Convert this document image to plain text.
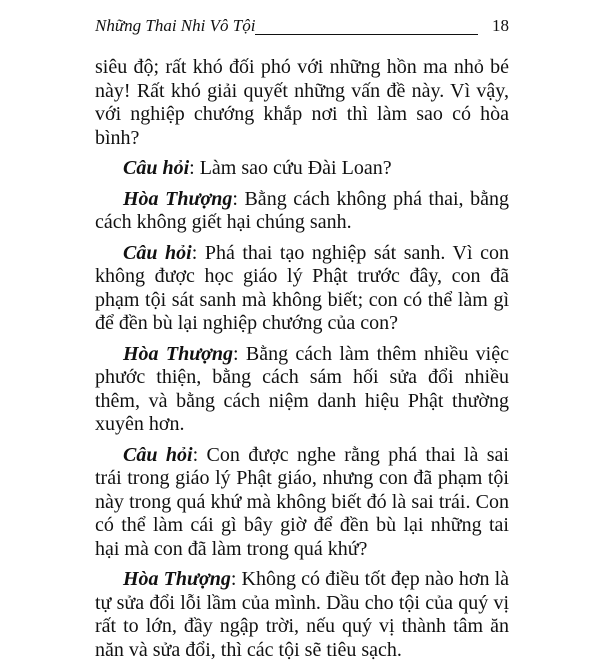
Những Thai Nhi Vô Tội	18

siêu độ; rất khó đối phó với những hồn ma nhỏ bé này! Rất khó giải quyết những vấn đề này. Vì vậy, với nghiệp chướng khắp nơi thì làm sao có hòa bình?

Câu hỏi: Làm sao cứu Đài Loan?

Hòa Thượng: Bằng cách không phá thai, bằng cách không giết hại chúng sanh.

Câu hỏi: Phá thai tạo nghiệp sát sanh. Vì con không được học giáo lý Phật trước đây, con đã phạm tội sát sanh mà không biết; con có thể làm gì để đền bù lại nghiệp chướng của con?

Hòa Thượng: Bằng cách làm thêm nhiều việc phước thiện, bằng cách sám hối sửa đổi nhiều thêm, và bằng cách niệm danh hiệu Phật thường xuyên hơn.

Câu hỏi: Con được nghe rằng phá thai là sai trái trong giáo lý Phật giáo, nhưng con đã phạm tội này trong quá khứ mà không biết đó là sai trái. Con có thể làm cái gì bây giờ để đền bù lại những tai hại mà con đã làm trong quá khứ?

Hòa Thượng: Không có điều tốt đẹp nào hơn là tự sửa đổi lỗi lầm của mình. Dầu cho tội của quý vị rất to lớn, đầy ngập trời, nếu quý vị thành tâm ăn năn và sửa đổi, thì các tội sẽ tiêu sạch.
